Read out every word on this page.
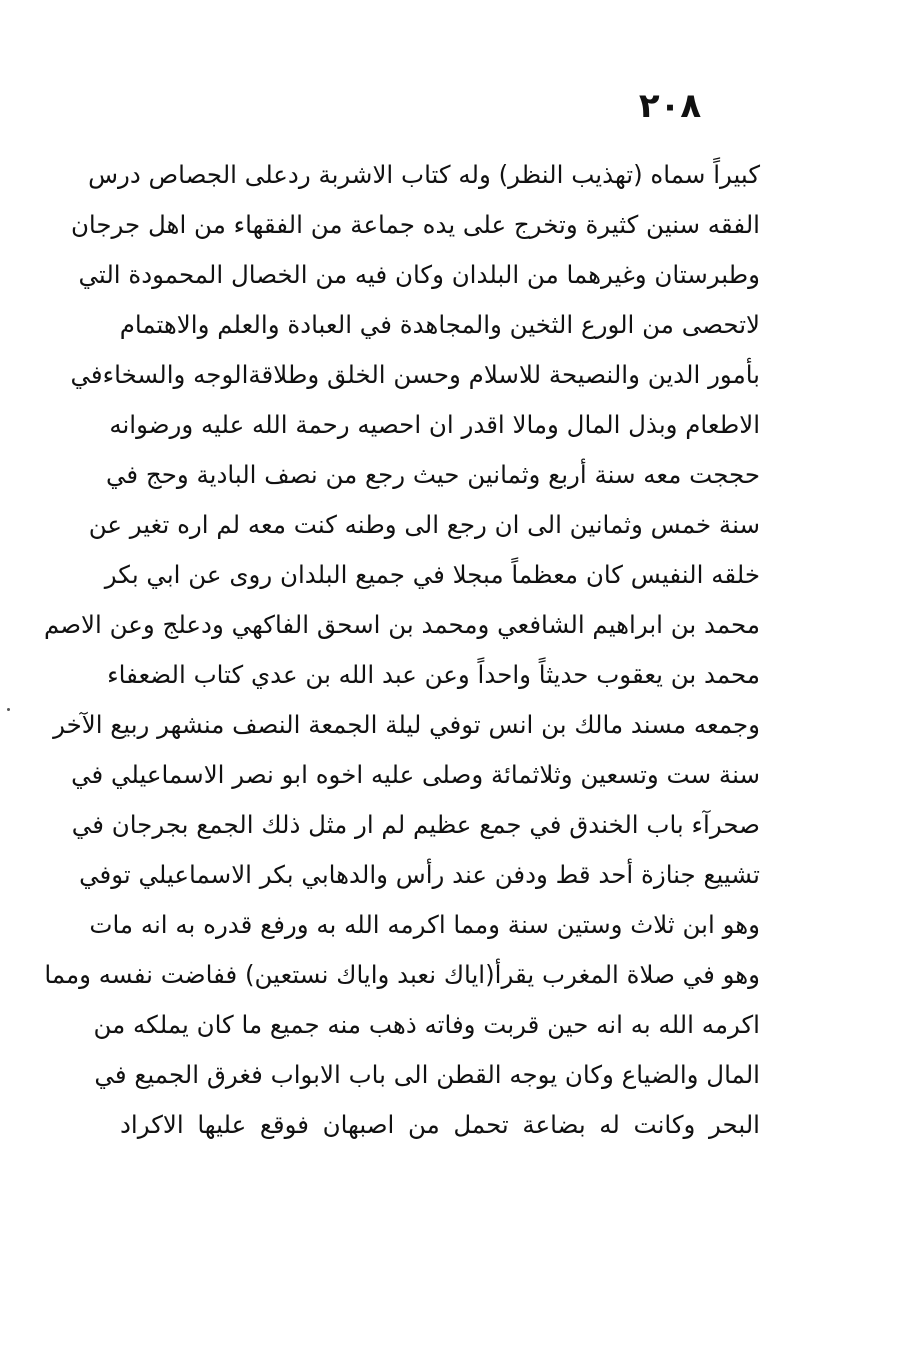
٢٠٨
كبيراً سماه (تهذيب النظر) وله كتاب الاشربة ردعلى الجصاص درس
الفقه سنين كثيرة وتخرج على يده جماعة من الفقهاء من اهل جرجان
وطبرستان وغيرهما من البلدان وكان فيه من الخصال المحمودة التي
لاتحصى من الورع الثخين والمجاهدة في العبادة والعلم والاهتمام
بأمور الدين والنصيحة للاسلام وحسن الخلق وطلاقةالوجه والسخاءفي
الاطعام وبذل المال ومالا اقدر ان احصيه رحمة الله عليه ورضوانه
حججت معه سنة أربع وثمانين حيث رجع من نصف البادية وحج في
سنة خمس وثمانين الى ان رجع الى وطنه كنت معه لم اره تغير عن
خلقه النفيس كان معظماً مبجلا في جميع البلدان روى عن ابي بكر
محمد بن ابراهيم الشافعي ومحمد بن اسحق الفاكهي ودعلج وعن الاصم
محمد بن يعقوب حديثاً واحداً وعن عبد الله بن عدي كتاب الضعفاء
وجمعه مسند مالك بن انس توفي ليلة الجمعة النصف منشهر ربيع الآخر
سنة ست وتسعين وثلاثمائة وصلى عليه اخوه ابو نصر الاسماعيلي في
صحرآء باب الخندق في جمع عظيم لم ار مثل ذلك الجمع بجرجان في
تشييع جنازة أحد قط ودفن عند رأس والدهابي بكر الاسماعيلي توفي
وهو ابن ثلاث وستين سنة ومما اكرمه الله به ورفع قدره به انه مات
وهو في صلاة المغرب يقرأ(اياك نعبد واياك نستعين) ففاضت نفسه ومما
اكرمه الله به انه حين قربت وفاته ذهب منه جميع ما كان يملكه من
المال والضياع وكان يوجه القطن الى باب الابواب فغرق الجميع في
البحر وكانت له بضاعة تحمل من اصبهان فوقع عليها الاكراد
